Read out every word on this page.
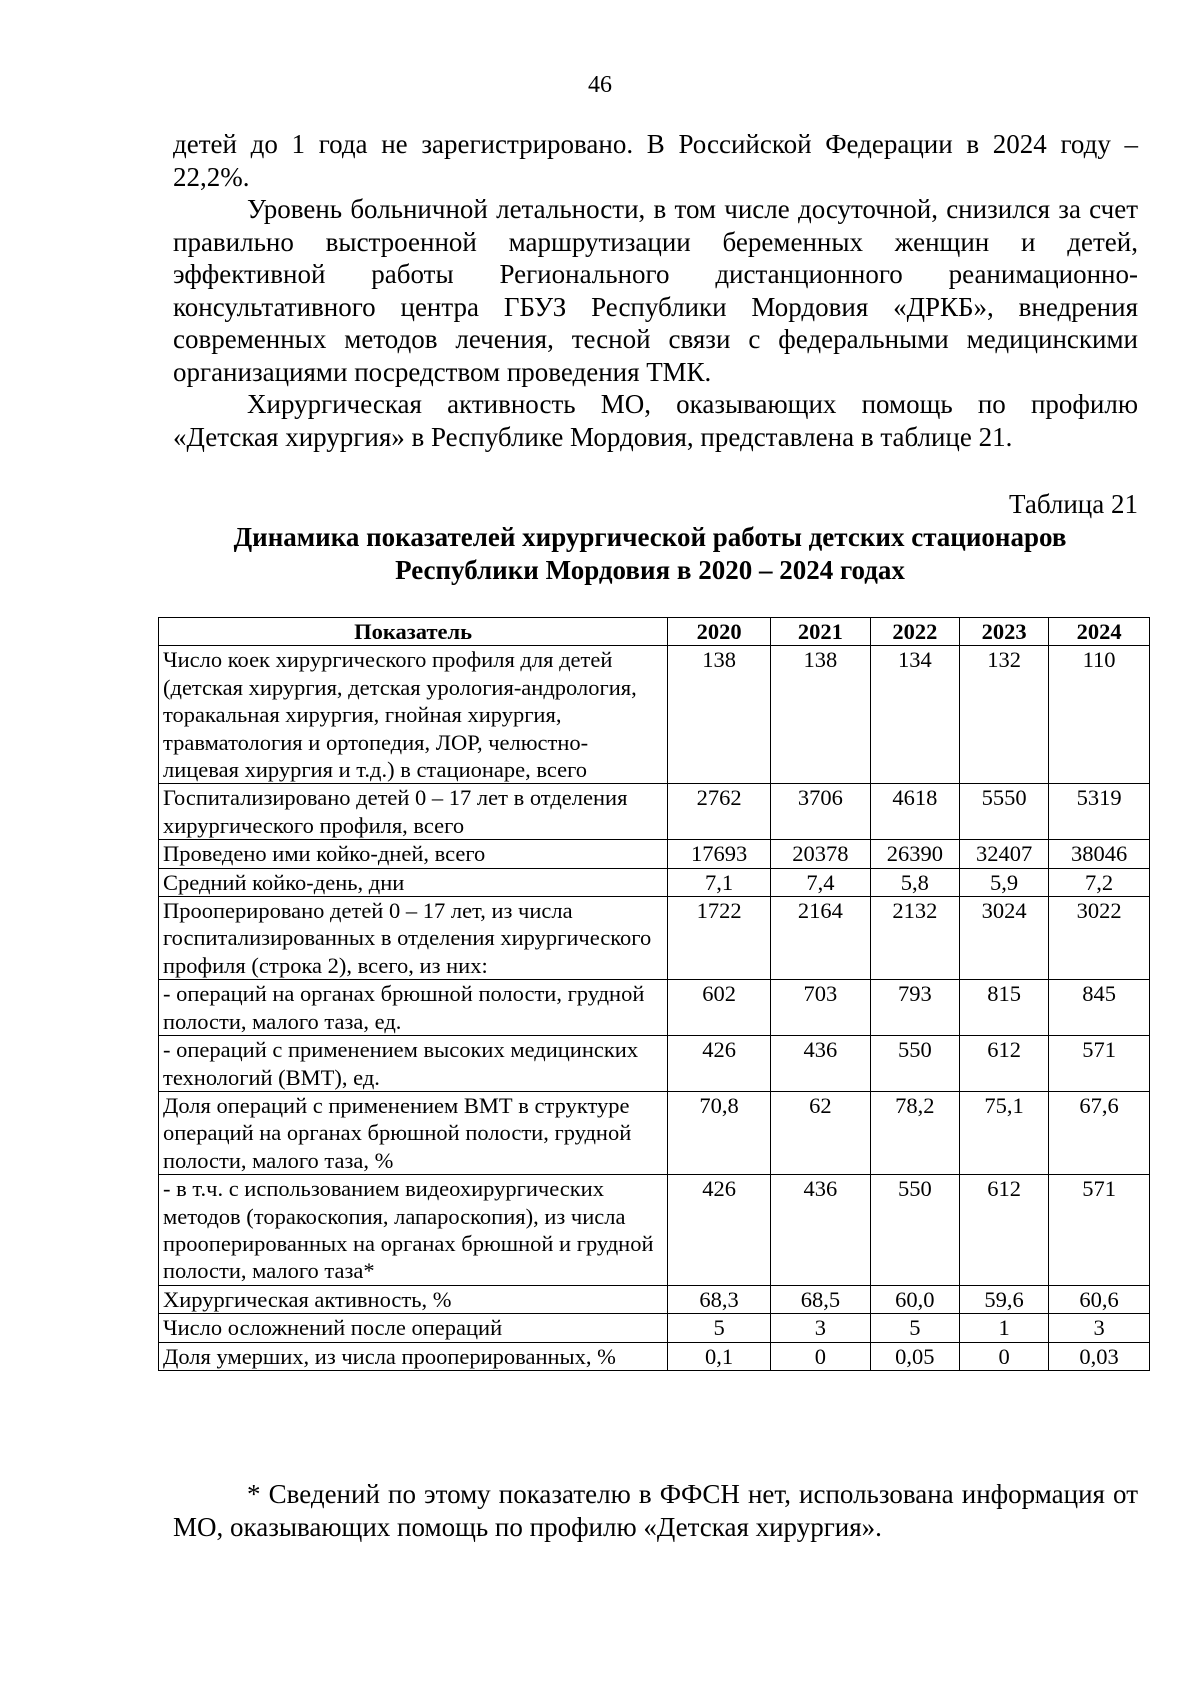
46

детей до 1 года не зарегистрировано. В Российской Федерации в 2024 году – 22,2%.

Уровень больничной летальности, в том числе досуточной, снизился за счет правильно выстроенной маршрутизации беременных женщин и детей, эффективной работы Регионального дистанционного реанимационно-консультативного центра ГБУЗ Республики Мордовия «ДРКБ», внедрения современных методов лечения, тесной связи с федеральными медицинскими организациями посредством проведения ТМК.

Хирургическая активность МО, оказывающих помощь по профилю «Детская хирургия» в Республике Мордовия, представлена в таблице 21.

Таблица 21
Динамика показателей хирургической работы детских стационаров
Республики Мордовия в 2020 – 2024 годах
Показатель	2020	2021	2022	2023	2024
Число коек хирургического профиля для детей (детская хирургия, детская урология-андрология, торакальная хирургия, гнойная хирургия, травматология и ортопедия, ЛОР, челюстно-лицевая хирургия и т.д.) в стационаре, всего	138	138	134	132	110
Госпитализировано детей 0 – 17 лет в отделения хирургического профиля, всего	2762	3706	4618	5550	5319
Проведено ими койко-дней, всего	17693	20378	26390	32407	38046
Средний койко-день, дни	7,1	7,4	5,8	5,9	7,2
Прооперировано детей 0 – 17 лет, из числа госпитализированных в отделения хирургического профиля (строка 2), всего, из них:	1722	2164	2132	3024	3022
- операций на органах брюшной полости, грудной полости, малого таза, ед.	602	703	793	815	845
- операций с применением высоких медицинских технологий (ВМТ), ед.	426	436	550	612	571
Доля операций с применением ВМТ в структуре операций на органах брюшной полости, грудной полости, малого таза, %	70,8	62	78,2	75,1	67,6
- в т.ч. с использованием видеохирургических методов (торакоскопия, лапароскопия), из числа прооперированных на органах брюшной и грудной полости, малого таза*	426	436	550	612	571
Хирургическая активность, %	68,3	68,5	60,0	59,6	60,6
Число осложнений после операций	5	3	5	1	3
Доля умерших, из числа прооперированных, %	0,1	0	0,05	0	0,03

* Сведений по этому показателю в ФФСН нет, использована информация от МО, оказывающих помощь по профилю «Детская хирургия».
